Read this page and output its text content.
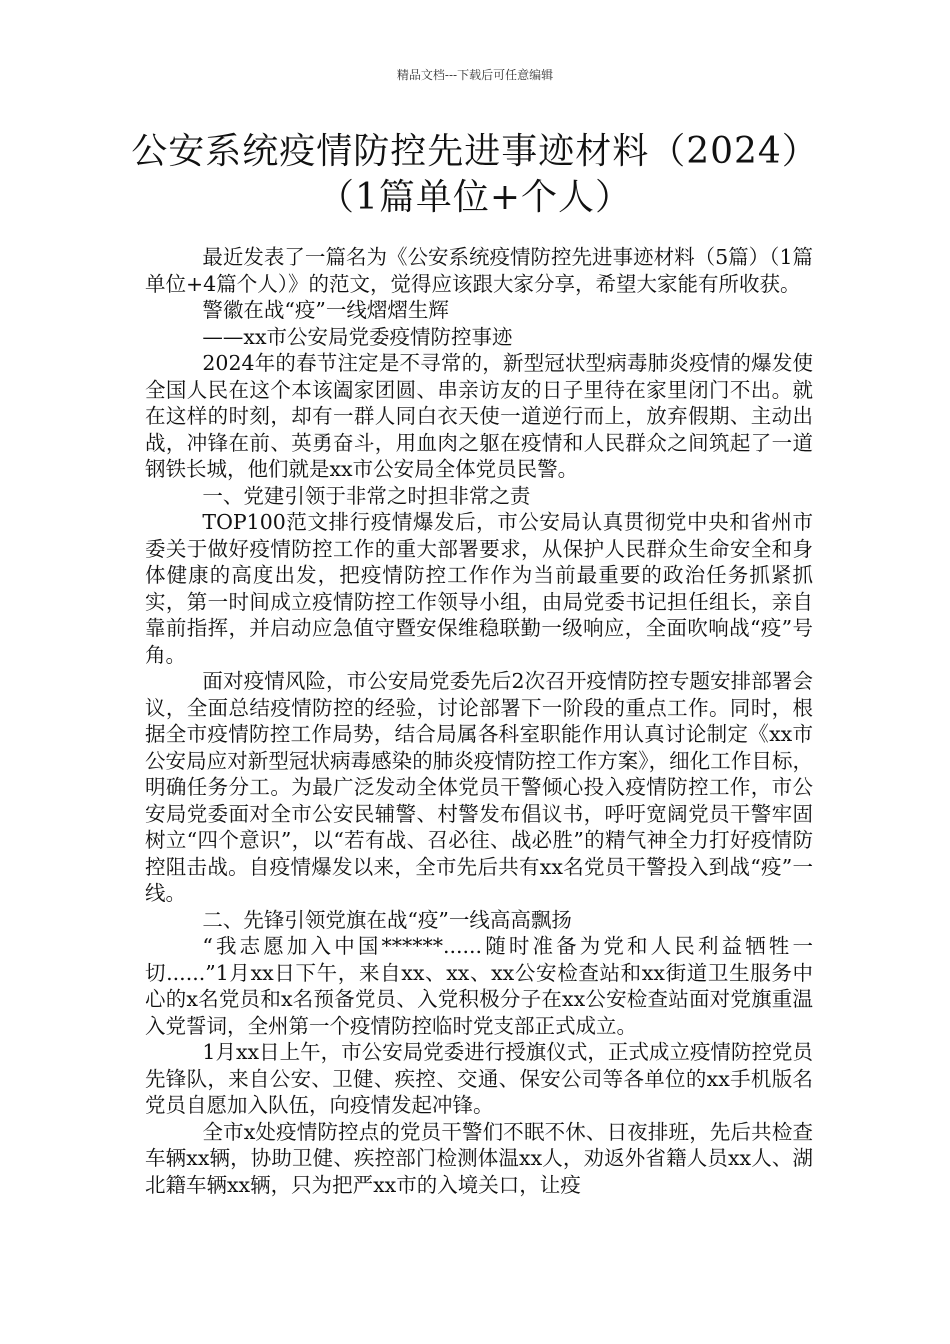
精品文档---下载后可任意编辑
公安系统疫情防控先进事迹材料（2024）
（1篇单位+个人）

最近发表了一篇名为《公安系统疫情防控先进事迹材料（5篇）（1篇单位+4篇个人）》的范文，觉得应该跟大家分享，希望大家能有所收获。

警徽在战“疫”一线熠熠生辉

——xx市公安局党委疫情防控事迹

2024年的春节注定是不寻常的，新型冠状型病毒肺炎疫情的爆发使全国人民在这个本该阖家团圆、串亲访友的日子里待在家里闭门不出。就在这样的时刻，却有一群人同白衣天使一道逆行而上，放弃假期、主动出战，冲锋在前、英勇奋斗，用血肉之躯在疫情和人民群众之间筑起了一道钢铁长城，他们就是xx市公安局全体党员民警。

一、党建引领于非常之时担非常之责

TOP100范文排行疫情爆发后，市公安局认真贯彻党中央和省州市委关于做好疫情防控工作的重大部署要求，从保护人民群众生命安全和身体健康的高度出发，把疫情防控工作作为当前最重要的政治任务抓紧抓实，第一时间成立疫情防控工作领导小组，由局党委书记担任组长，亲自靠前指挥，并启动应急值守暨安保维稳联勤一级响应，全面吹响战“疫”号角。

面对疫情风险，市公安局党委先后2次召开疫情防控专题安排部署会议，全面总结疫情防控的经验，讨论部署下一阶段的重点工作。同时，根据全市疫情防控工作局势，结合局属各科室职能作用认真讨论制定《xx市公安局应对新型冠状病毒感染的肺炎疫情防控工作方案》，细化工作目标，明确任务分工。为最广泛发动全体党员干警倾心投入疫情防控工作，市公安局党委面对全市公安民辅警、村警发布倡议书，呼吁宽阔党员干警牢固树立“四个意识”，以“若有战、召必往、战必胜”的精气神全力打好疫情防控阻击战。自疫情爆发以来，全市先后共有xx名党员干警投入到战“疫”一线。

二、先锋引领党旗在战“疫”一线高高飘扬

“我志愿加入中国******......随时准备为党和人民利益牺牲一切......”1月xx日下午，来自xx、xx、xx公安检查站和xx街道卫生服务中心的x名党员和x名预备党员、入党积极分子在xx公安检查站面对党旗重温入党誓词，全州第一个疫情防控临时党支部正式成立。

1月xx日上午，市公安局党委进行授旗仪式，正式成立疫情防控党员先锋队，来自公安、卫健、疾控、交通、保安公司等各单位的xx手机版名党员自愿加入队伍，向疫情发起冲锋。

全市x处疫情防控点的党员干警们不眠不休、日夜排班，先后共检查车辆xx辆，协助卫健、疾控部门检测体温xx人，劝返外省籍人员xx人、湖北籍车辆xx辆，只为把严xx市的入境关口，让疫
